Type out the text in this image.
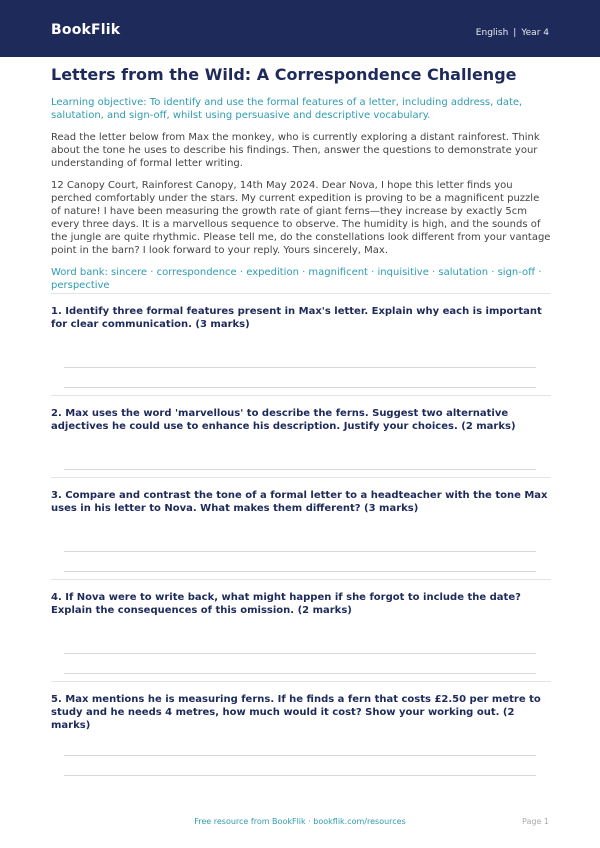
BookFlik	English | Year 4
Letters from the Wild: A Correspondence Challenge

Learning objective: To identify and use the formal features of a letter, including address, date, salutation, and sign-off, whilst using persuasive and descriptive vocabulary.

Read the letter below from Max the monkey, who is currently exploring a distant rainforest. Think about the tone he uses to describe his findings. Then, answer the questions to demonstrate your understanding of formal letter writing.

12 Canopy Court, Rainforest Canopy, 14th May 2024. Dear Nova, I hope this letter finds you perched comfortably under the stars. My current expedition is proving to be a magnificent puzzle of nature! I have been measuring the growth rate of giant ferns—they increase by exactly 5cm every three days. It is a marvellous sequence to observe. The humidity is high, and the sounds of the jungle are quite rhythmic. Please tell me, do the constellations look different from your vantage point in the barn? I look forward to your reply. Yours sincerely, Max.

Word bank: sincere · correspondence · expedition · magnificent · inquisitive · salutation · sign-off · perspective

1. Identify three formal features present in Max's letter. Explain why each is important for clear communication. (3 marks)

2. Max uses the word 'marvellous' to describe the ferns. Suggest two alternative adjectives he could use to enhance his description. Justify your choices. (2 marks)

3. Compare and contrast the tone of a formal letter to a headteacher with the tone Max uses in his letter to Nova. What makes them different? (3 marks)

4. If Nova were to write back, what might happen if she forgot to include the date? Explain the consequences of this omission. (2 marks)

5. Max mentions he is measuring ferns. If he finds a fern that costs £2.50 per metre to study and he needs 4 metres, how much would it cost? Show your working out. (2 marks)

Free resource from BookFlik · bookflik.com/resources	Page 1
